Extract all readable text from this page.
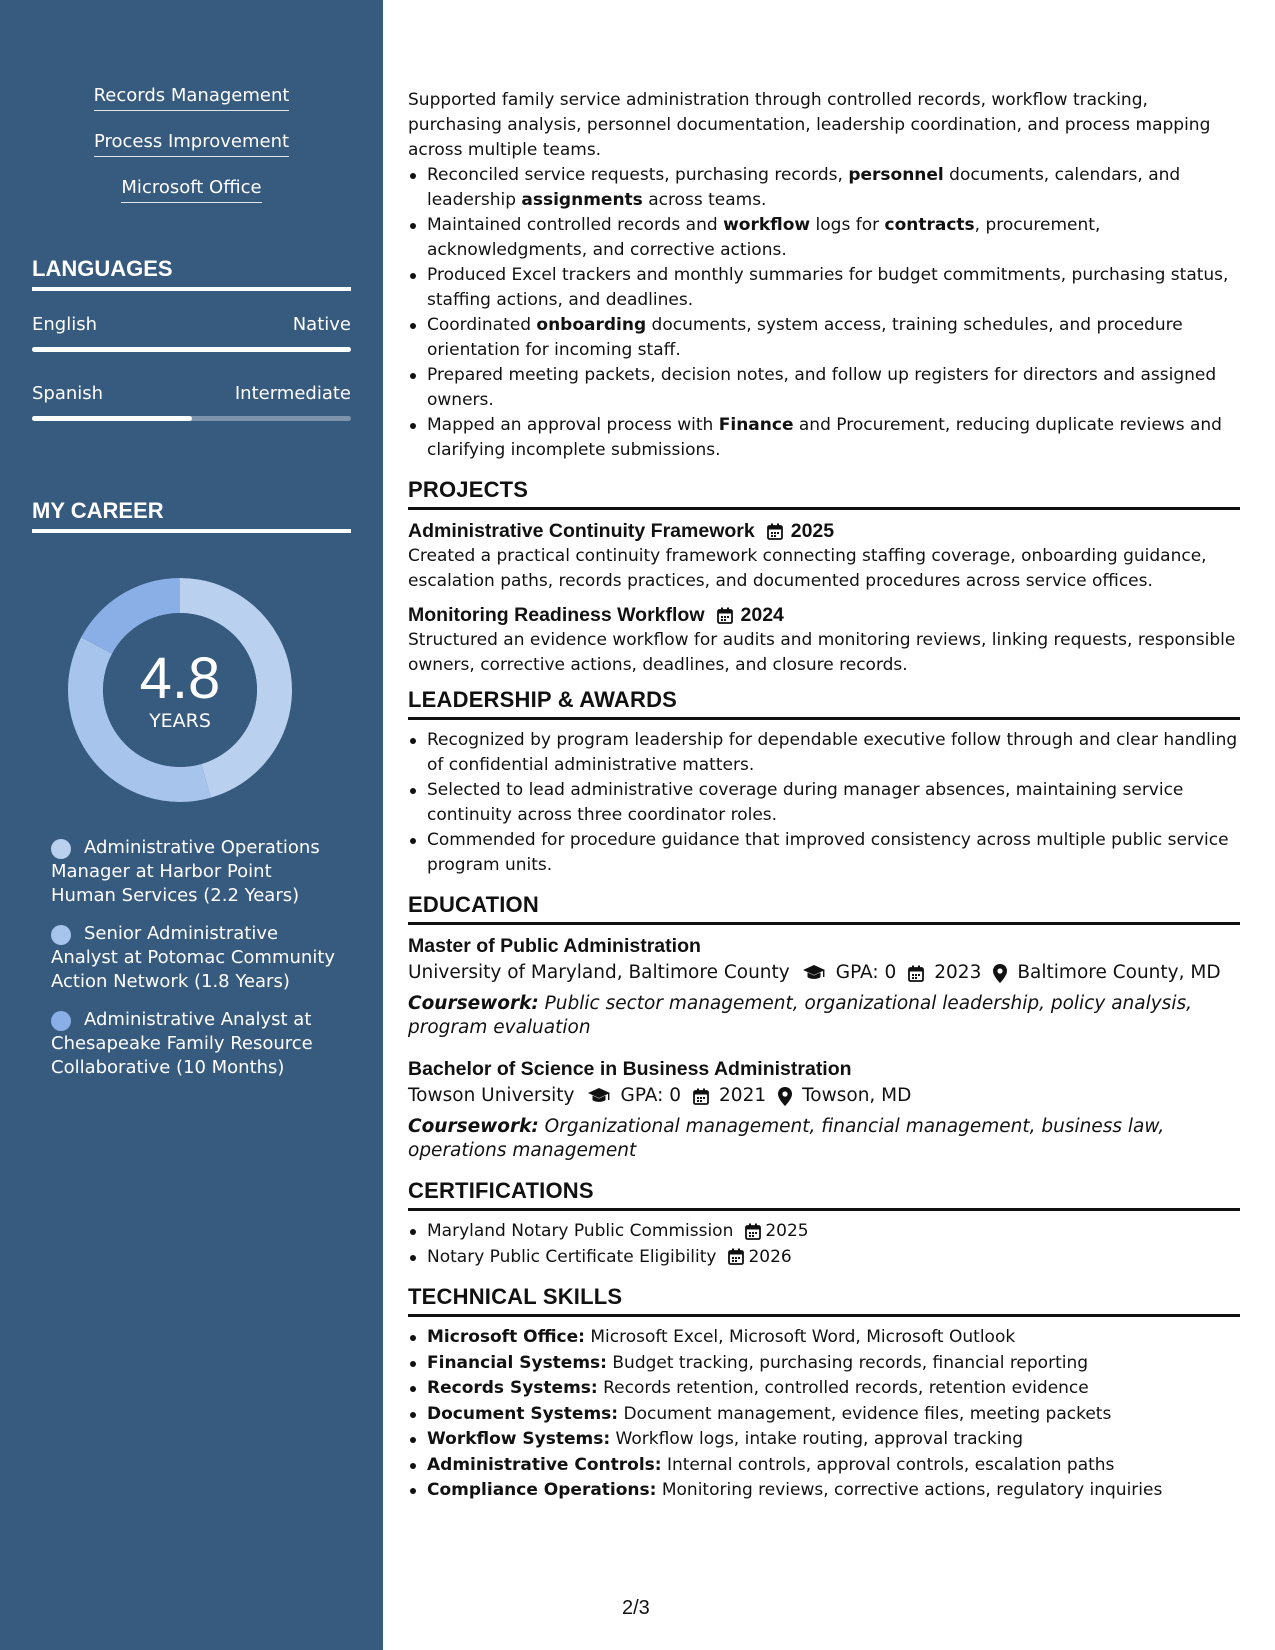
Records Management
Process Improvement
Microsoft Office
LANGUAGES
English	Native
Spanish	Intermediate
MY CAREER
4.8
YEARS
Administrative Operations Manager at Harbor Point Human Services (2.2 Years)
Senior Administrative Analyst at Potomac Community Action Network (1.8 Years)
Administrative Analyst at Chesapeake Family Resource Collaborative (10 Months)

Supported family service administration through controlled records, workflow tracking, purchasing analysis, personnel documentation, leadership coordination, and process mapping across multiple teams.

Reconciled service requests, purchasing records, personnel documents, calendars, and leadership assignments across teams.
Maintained controlled records and workflow logs for contracts, procurement, acknowledgments, and corrective actions.
Produced Excel trackers and monthly summaries for budget commitments, purchasing status, staffing actions, and deadlines.
Coordinated onboarding documents, system access, training schedules, and procedure orientation for incoming staff.
Prepared meeting packets, decision notes, and follow up registers for directors and assigned owners.
Mapped an approval process with Finance and Procurement, reducing duplicate reviews and clarifying incomplete submissions.
PROJECTS
Administrative Continuity Framework 2025

Created a practical continuity framework connecting staffing coverage, onboarding guidance, escalation paths, records practices, and documented procedures across service offices.

Monitoring Readiness Workflow 2024

Structured an evidence workflow for audits and monitoring reviews, linking requests, responsible owners, corrective actions, deadlines, and closure records.

LEADERSHIP & AWARDS
Recognized by program leadership for dependable executive follow through and clear handling of confidential administrative matters.
Selected to lead administrative coverage during manager absences, maintaining service continuity across three coordinator roles.
Commended for procedure guidance that improved consistency across multiple public service program units.
EDUCATION
Master of Public Administration
University of Maryland, Baltimore County GPA: 0 2023 Baltimore County, MD

Coursework: Public sector management, organizational leadership, policy analysis, program evaluation

Bachelor of Science in Business Administration
Towson University GPA: 0 2021 Towson, MD

Coursework: Organizational management, financial management, business law, operations management

CERTIFICATIONS
Maryland Notary Public Commission 2025
Notary Public Certificate Eligibility 2026
TECHNICAL SKILLS
Microsoft Office: Microsoft Excel, Microsoft Word, Microsoft Outlook
Financial Systems: Budget tracking, purchasing records, financial reporting
Records Systems: Records retention, controlled records, retention evidence
Document Systems: Document management, evidence files, meeting packets
Workflow Systems: Workflow logs, intake routing, approval tracking
Administrative Controls: Internal controls, approval controls, escalation paths
Compliance Operations: Monitoring reviews, corrective actions, regulatory inquiries
2/3
